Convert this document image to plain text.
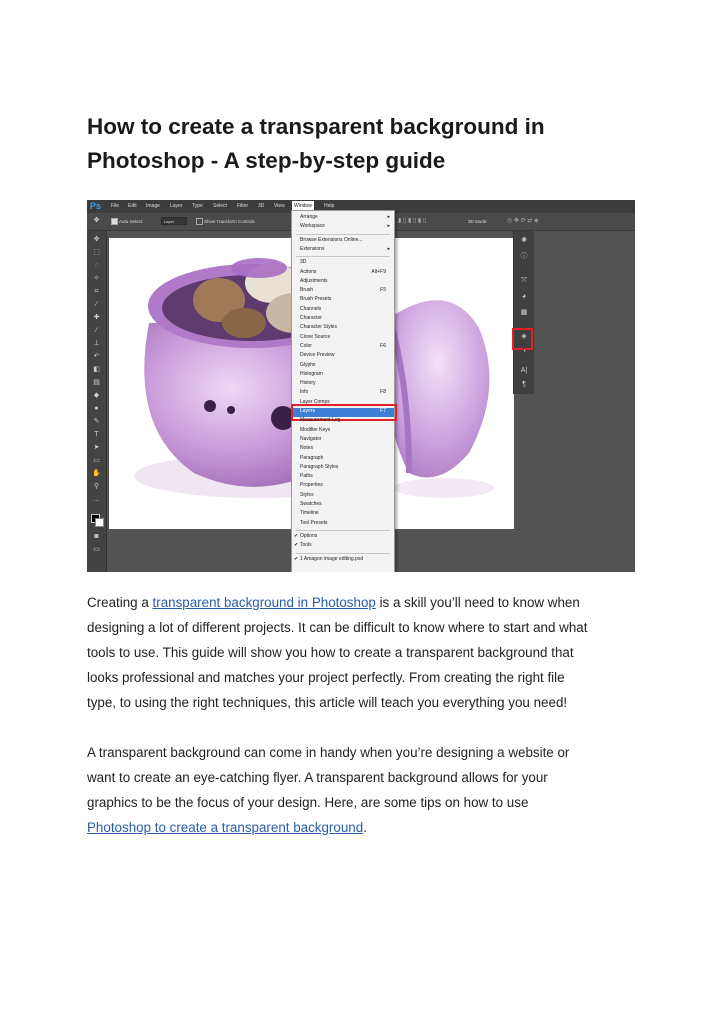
How to create a transparent background in
Photoshop - A step-by-step guide
Ps File Edit Image Layer Type Select Filter 3D View	Window	Help
✥	Auto-Select:	Layer	Show Transform Controls	3D Mode:
▮ ▯ ▮ ▯ ▮ ▯	◎ ✥ ⟳ ⇄ ◈
✥
⬚
◌
✧
⌗
⁄
✚
∕
⊥
↶
◧
▤
◆
●
✎
T
➤
▭
✋
⚲
…
◙
▭
✺
ⓘ
⤧
◕
▦
◈
◑
A|
¶
Arrange	▸
Workspace	▸
Browse Extensions Online...
Extensions	▸
3D
Actions	Alt+F9
Adjustments
Brush	F5
Brush Presets
Channels
Character
Character Styles
Clone Source
Color	F6
Device Preview
Glyphs
Histogram
History
Info	F8
Layer Comps
Layers	F7
Measurement Log
Modifier Keys
Navigator
Notes
Paragraph
Paragraph Styles
Paths
Properties
Styles
Swatches
Timeline
Tool Presets
Options
✔
Tools
✔
1 Amagon image editing.psd
✔

Creating a transparent background in Photoshop is a skill you’ll need to know when
designing a lot of different projects. It can be difficult to know where to start and what
tools to use. This guide will show you how to create a transparent background that
looks professional and matches your project perfectly. From creating the right file
type, to using the right techniques, this article will teach you everything you need!

A transparent background can come in handy when you’re designing a website or
want to create an eye-catching flyer. A transparent background allows for your
graphics to be the focus of your design. Here, are some tips on how to use
Photoshop to create a transparent background.
